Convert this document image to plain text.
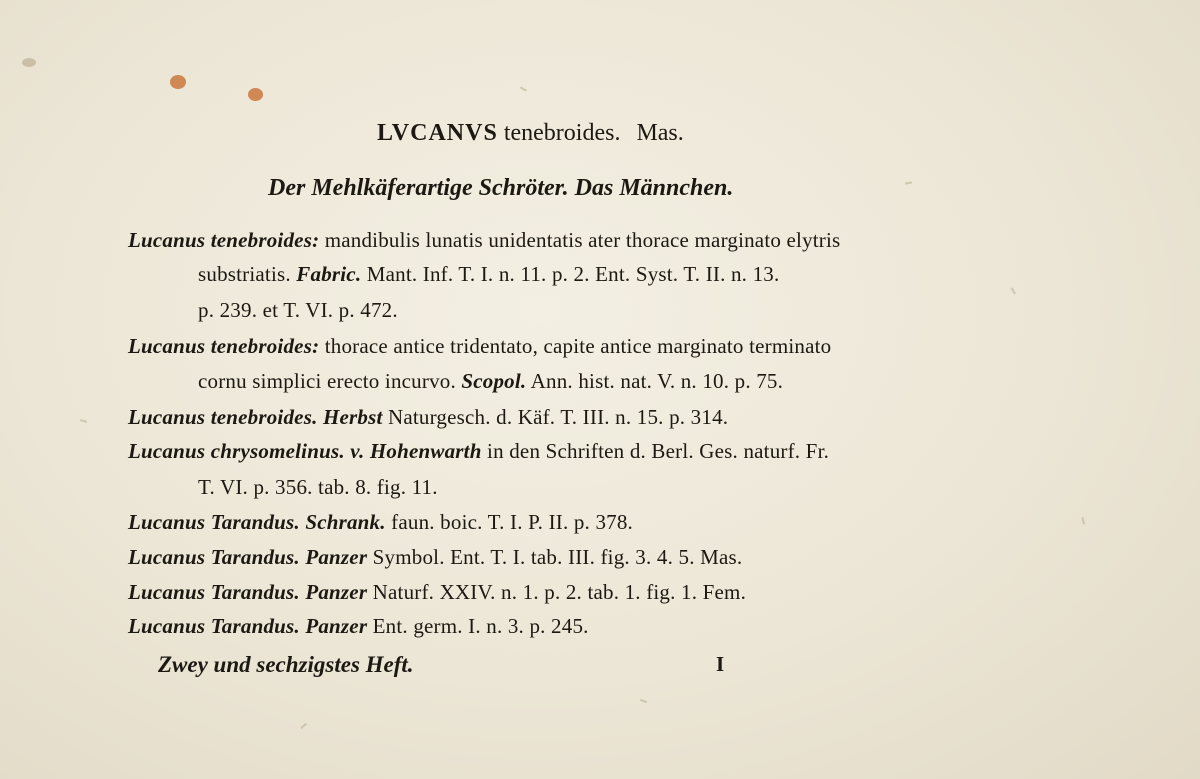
LVCANVS tenebroides. Mas.
Der Mehlkäferartige Schröter. Das Männchen.
Lucanus tenebroides: mandibulis lunatis unidentatis ater thorace marginato elytris
substriatis. Fabric. Mant. Inf. T. I. n. 11. p. 2. Ent. Syst. T. II. n. 13.
p. 239. et T. VI. p. 472.
Lucanus tenebroides: thorace antice tridentato, capite antice marginato terminato
cornu simplici erecto incurvo. Scopol. Ann. hist. nat. V. n. 10. p. 75.
Lucanus tenebroides. Herbst Naturgesch. d. Käf. T. III. n. 15. p. 314.
Lucanus chrysomelinus. v. Hohenwarth in den Schriften d. Berl. Ges. naturf. Fr.
T. VI. p. 356. tab. 8. fig. 11.
Lucanus Tarandus. Schrank. faun. boic. T. I. P. II. p. 378.
Lucanus Tarandus. Panzer Symbol. Ent. T. I. tab. III. fig. 3. 4. 5. Mas.
Lucanus Tarandus. Panzer Naturf. XXIV. n. 1. p. 2. tab. 1. fig. 1. Fem.
Lucanus Tarandus. Panzer Ent. germ. I. n. 3. p. 245.
Zwey und sechzigstes Heft.	I
